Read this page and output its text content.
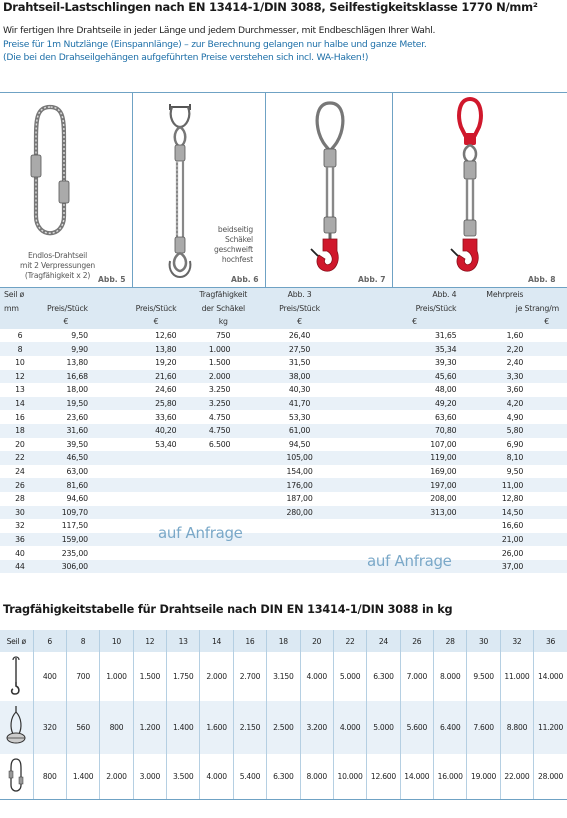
Drahtseil-Lastschlingen nach EN 13414-1/DIN 3088, Seilfestigkeitsklasse 1770 N/mm²
Wir fertigen Ihre Drahtseile in jeder Länge und jedem Durchmesser, mit Endbeschlägen Ihrer Wahl.
Preise für 1m Nutzlänge (Einspannlänge) – zur Berechnung gelangen nur halbe und ganze Meter.
(Die bei den Drahseilgehängen aufgeführten Preise verstehen sich incl. WA-Haken!)
Endlos-Drahtseil
mit 2 Verpressungen
(Tragfähigkeit x 2)	Abb. 5
beidseitig
Schäkel
geschweift
hochfest
Abb. 6	Abb. 7	Abb. 8
Seil ø				Tragfähigkeit		Abb. 3		Abb. 4	Mehrpreis	
mm	Preis/Stück		Preis/Stück	der Schäkel		Preis/Stück		Preis/Stück	je Strang/m	
	€		€	kg		€		€	€	
6	9,50		12,60	750		26,40		31,65	1,60	
8	9,90		13,80	1.000		27,50		35,34	2,20	
10	13,80		19,20	1.500		31,50		39,30	2,40	
12	16,68		21,60	2.000		38,00		45,60	3,30	
13	18,00		24,60	3.250		40,30		48,00	3,60	
14	19,50		25,80	3.250		41,70		49,20	4,20	
16	23,60		33,60	4.750		53,30		63,60	4,90	
18	31,60		40,20	4.750		61,00		70,80	5,80	
20	39,50		53,40	6.500		94,50		107,00	6,90	
22	46,50					105,00		119,00	8,10	
24	63,00					154,00		169,00	9,50	
26	81,60					176,00		197,00	11,00	
28	94,60					187,00		208,00	12,80	
30	109,70					280,00		313,00	14,50	
32	117,50								16,60	
36	159,00								21,00	
40	235,00								26,00	
44	306,00								37,00	
auf Anfrage
auf Anfrage
Tragfähigkeitstabelle für Drahtseile nach DIN EN 13414-1/DIN 3088 in kg
Seil ø	6	8	10	12	13	14	16	18	20	22	24	26	28	30	32	36
	400	700	1.000	1.500	1.750	2.000	2.700	3.150	4.000	5.000	6.300	7.000	8.000	9.500	11.000	14.000
	320	560	800	1.200	1.400	1.600	2.150	2.500	3.200	4.000	5.000	5.600	6.400	7.600	8.800	11.200
	800	1.400	2.000	3.000	3.500	4.000	5.400	6.300	8.000	10.000	12.600	14.000	16.000	19.000	22.000	28.000
